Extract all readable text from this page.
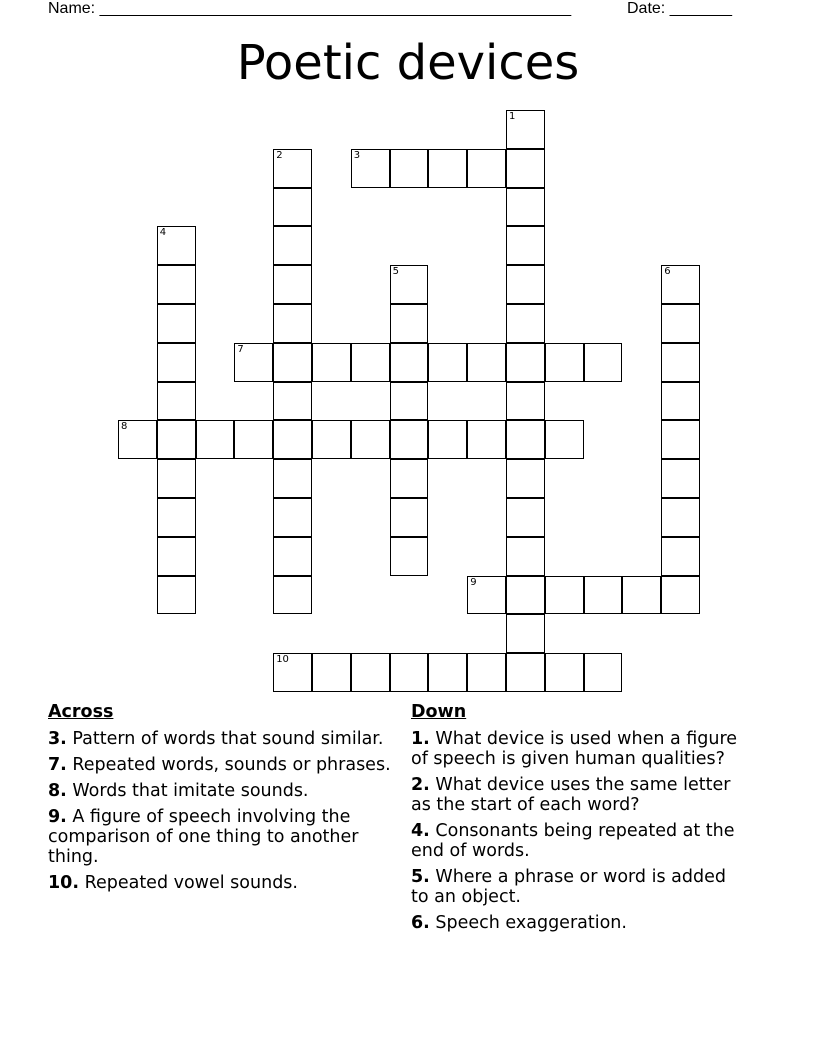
Name: _____________________________________________________	Date: _______
Poetic devices
1
2	3
4
5	6
7
8
9
10
Across
3. Pattern of words that sound similar.
7. Repeated words, sounds or phrases.
8. Words that imitate sounds.
9. A figure of speech involving the comparison of one thing to another thing.
10. Repeated vowel sounds.
Down
1. What device is used when a figure of speech is given human qualities?
2. What device uses the same letter as the start of each word?
4. Consonants being repeated at the end of words.
5. Where a phrase or word is added to an object.
6. Speech exaggeration.
